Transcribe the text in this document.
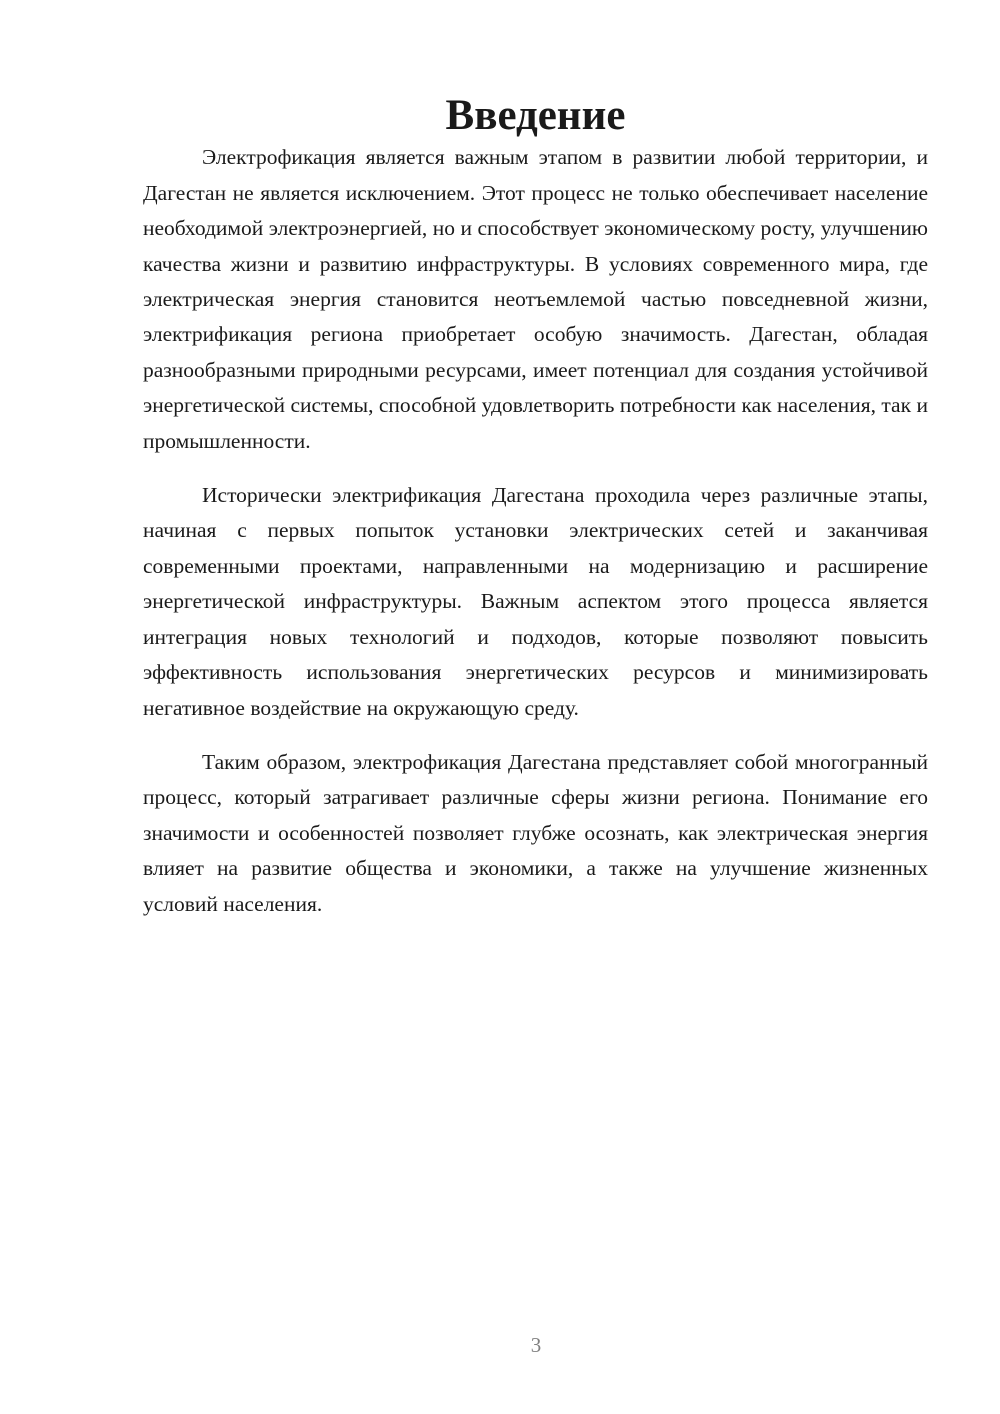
Введение

Электрофикация является важным этапом в развитии любой территории, и Дагестан не является исключением. Этот процесс не только обеспечивает население необходимой электроэнергией, но и способствует экономическому росту, улучшению качества жизни и развитию инфраструктуры. В условиях современного мира, где электрическая энергия становится неотъемлемой частью повседневной жизни, электрификация региона приобретает особую значимость. Дагестан, обладая разнообразными природными ресурсами, имеет потенциал для создания устойчивой энергетической системы, способной удовлетворить потребности как населения, так и промышленности.

Исторически электрификация Дагестана проходила через различные этапы, начиная с первых попыток установки электрических сетей и заканчивая современными проектами, направленными на модернизацию и расширение энергетической инфраструктуры. Важным аспектом этого процесса является интеграция новых технологий и подходов, которые позволяют повысить эффективность использования энергетических ресурсов и минимизировать негативное воздействие на окружающую среду.

Таким образом, электрофикация Дагестана представляет собой многогранный процесс, который затрагивает различные сферы жизни региона. Понимание его значимости и особенностей позволяет глубже осознать, как электрическая энергия влияет на развитие общества и экономики, а также на улучшение жизненных условий населения.

3
